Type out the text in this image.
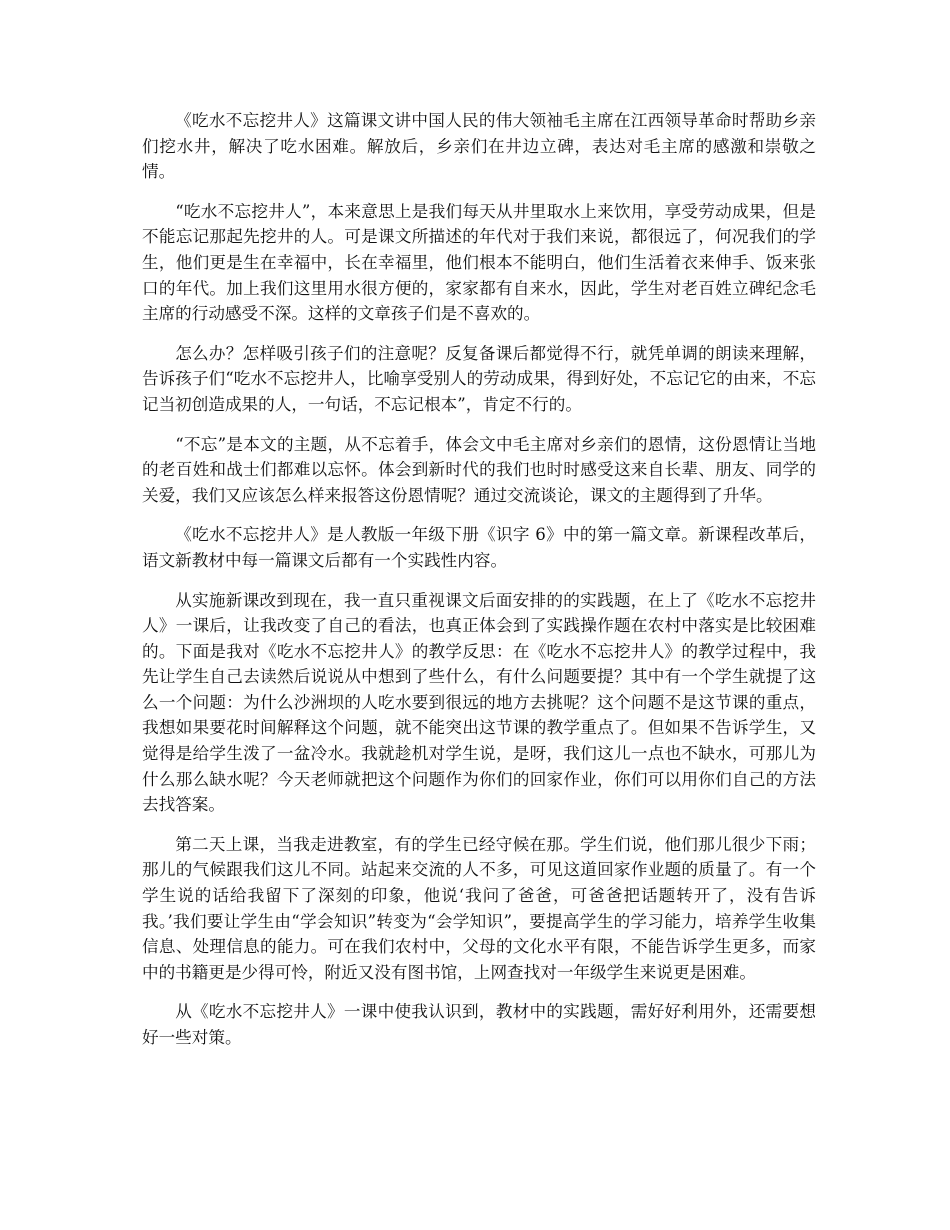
《吃水不忘挖井人》这篇课文讲中国人民的伟大领袖毛主席在江西领导革命时帮助乡亲们挖水井，解决了吃水困难。解放后，乡亲们在井边立碑，表达对毛主席的感激和崇敬之情。

“吃水不忘挖井人”，本来意思上是我们每天从井里取水上来饮用，享受劳动成果，但是不能忘记那起先挖井的人。可是课文所描述的年代对于我们来说，都很远了，何况我们的学生，他们更是生在幸福中，长在幸福里，他们根本不能明白，他们生活着衣来伸手、饭来张口的年代。加上我们这里用水很方便的，家家都有自来水，因此，学生对老百姓立碑纪念毛主席的行动感受不深。这样的文章孩子们是不喜欢的。

怎么办？怎样吸引孩子们的注意呢？反复备课后都觉得不行，就凭单调的朗读来理解，告诉孩子们“吃水不忘挖井人，比喻享受别人的劳动成果，得到好处，不忘记它的由来，不忘记当初创造成果的人，一句话，不忘记根本”，肯定不行的。

“不忘”是本文的主题，从不忘着手，体会文中毛主席对乡亲们的恩情，这份恩情让当地的老百姓和战士们都难以忘怀。体会到新时代的我们也时时感受这来自长辈、朋友、同学的关爱，我们又应该怎么样来报答这份恩情呢？通过交流谈论，课文的主题得到了升华。

《吃水不忘挖井人》是人教版一年级下册《识字 6》中的第一篇文章。新课程改革后，语文新教材中每一篇课文后都有一个实践性内容。

从实施新课改到现在，我一直只重视课文后面安排的的实践题，在上了《吃水不忘挖井人》一课后，让我改变了自己的看法，也真正体会到了实践操作题在农村中落实是比较困难的。下面是我对《吃水不忘挖井人》的教学反思：在《吃水不忘挖井人》的教学过程中，我先让学生自己去读然后说说从中想到了些什么，有什么问题要提？其中有一个学生就提了这么一个问题：为什么沙洲坝的人吃水要到很远的地方去挑呢？这个问题不是这节课的重点，我想如果要花时间解释这个问题，就不能突出这节课的教学重点了。但如果不告诉学生，又觉得是给学生泼了一盆冷水。我就趁机对学生说，是呀，我们这儿一点也不缺水，可那儿为什么那么缺水呢？今天老师就把这个问题作为你们的回家作业，你们可以用你们自己的方法去找答案。

第二天上课，当我走进教室，有的学生已经守候在那。学生们说，他们那儿很少下雨；那儿的气候跟我们这儿不同。站起来交流的人不多，可见这道回家作业题的质量了。有一个学生说的话给我留下了深刻的印象，他说‘我问了爸爸，可爸爸把话题转开了，没有告诉我。’我们要让学生由“学会知识”转变为“会学知识”，要提高学生的学习能力，培养学生收集信息、处理信息的能力。可在我们农村中，父母的文化水平有限，不能告诉学生更多，而家中的书籍更是少得可怜，附近又没有图书馆，上网查找对一年级学生来说更是困难。

从《吃水不忘挖井人》一课中使我认识到，教材中的实践题，需好好利用外，还需要想好一些对策。
